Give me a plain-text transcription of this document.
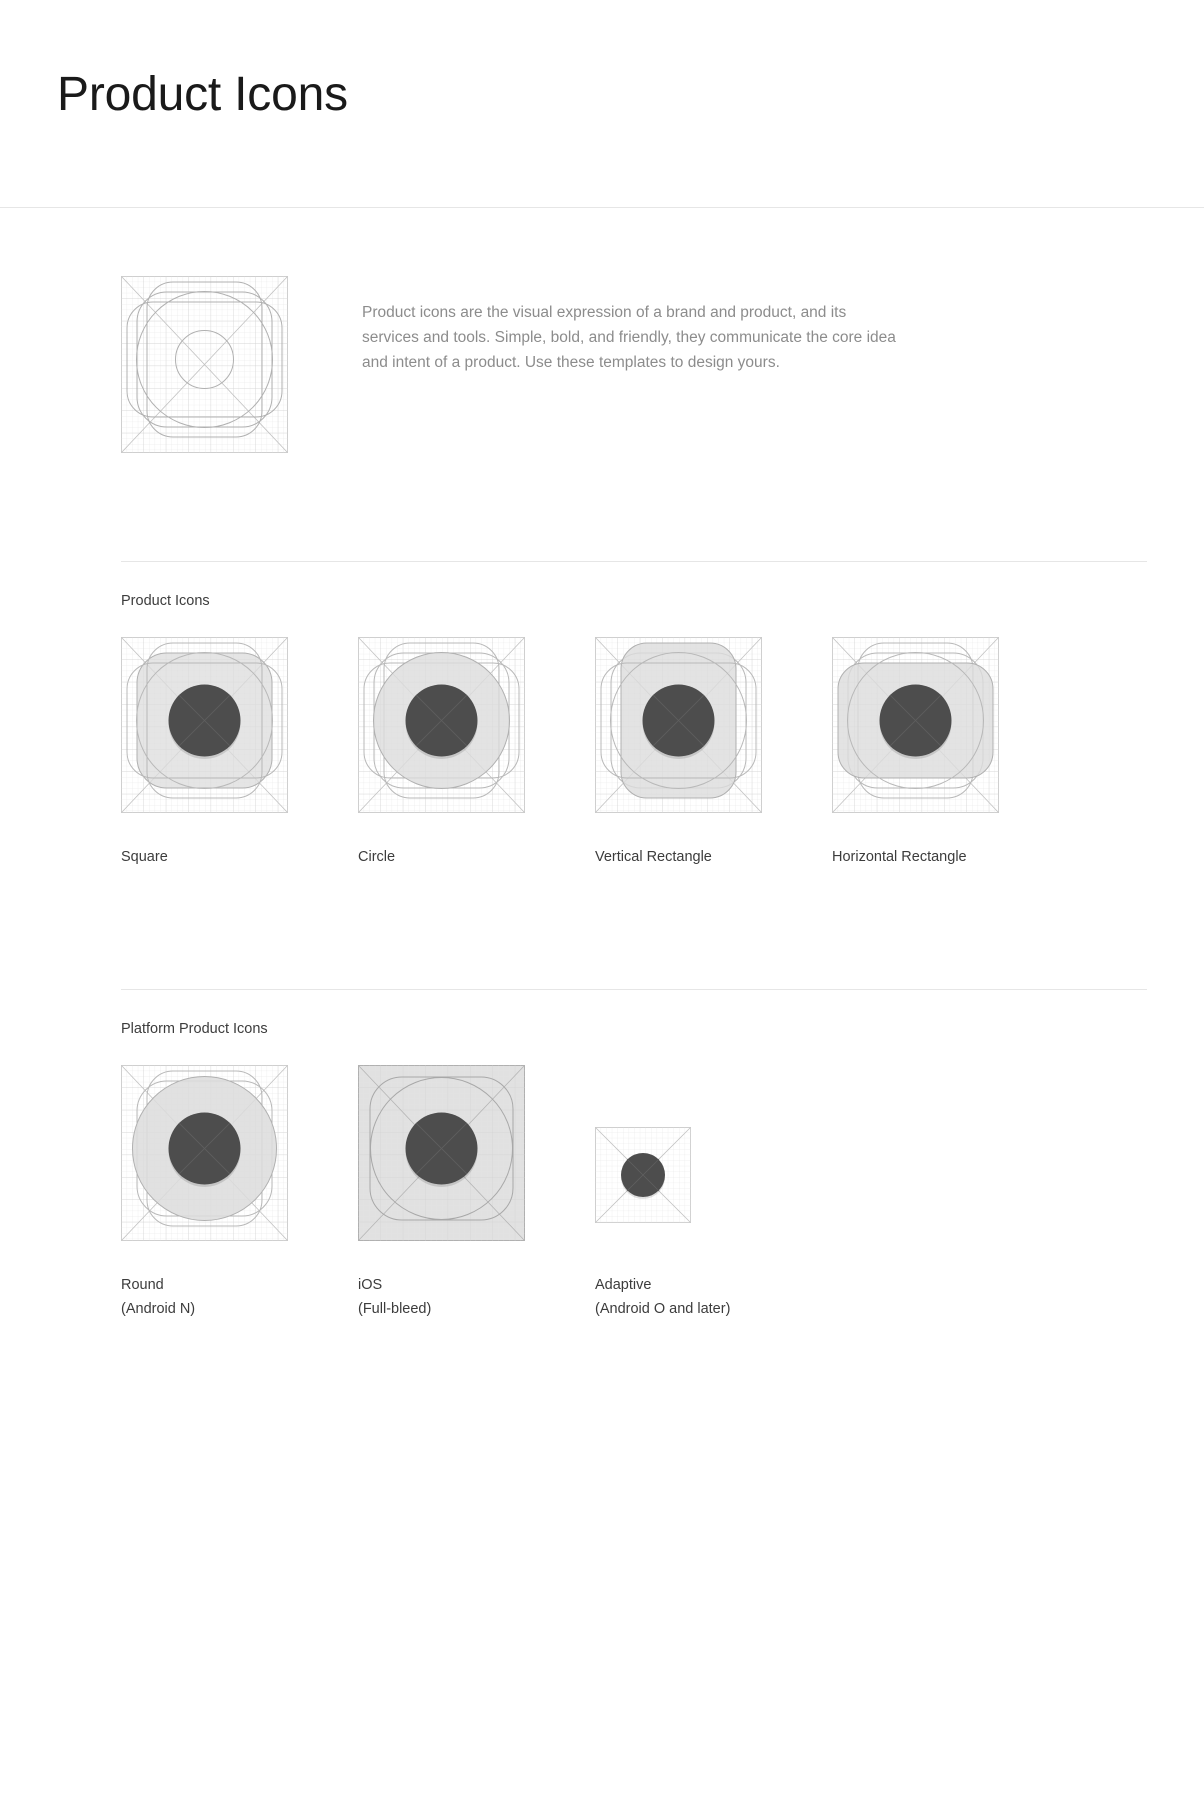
Product Icons

Product icons are the visual expression of a brand and product, and its services and tools. Simple, bold, and friendly, they communicate the core idea and intent of a product. Use these templates to design yours.

Product Icons
Square	Circle	Vertical Rectangle	Horizontal Rectangle
Platform Product Icons
Round
(Android N)
iOS
(Full-bleed)
Adaptive
(Android O and later)
